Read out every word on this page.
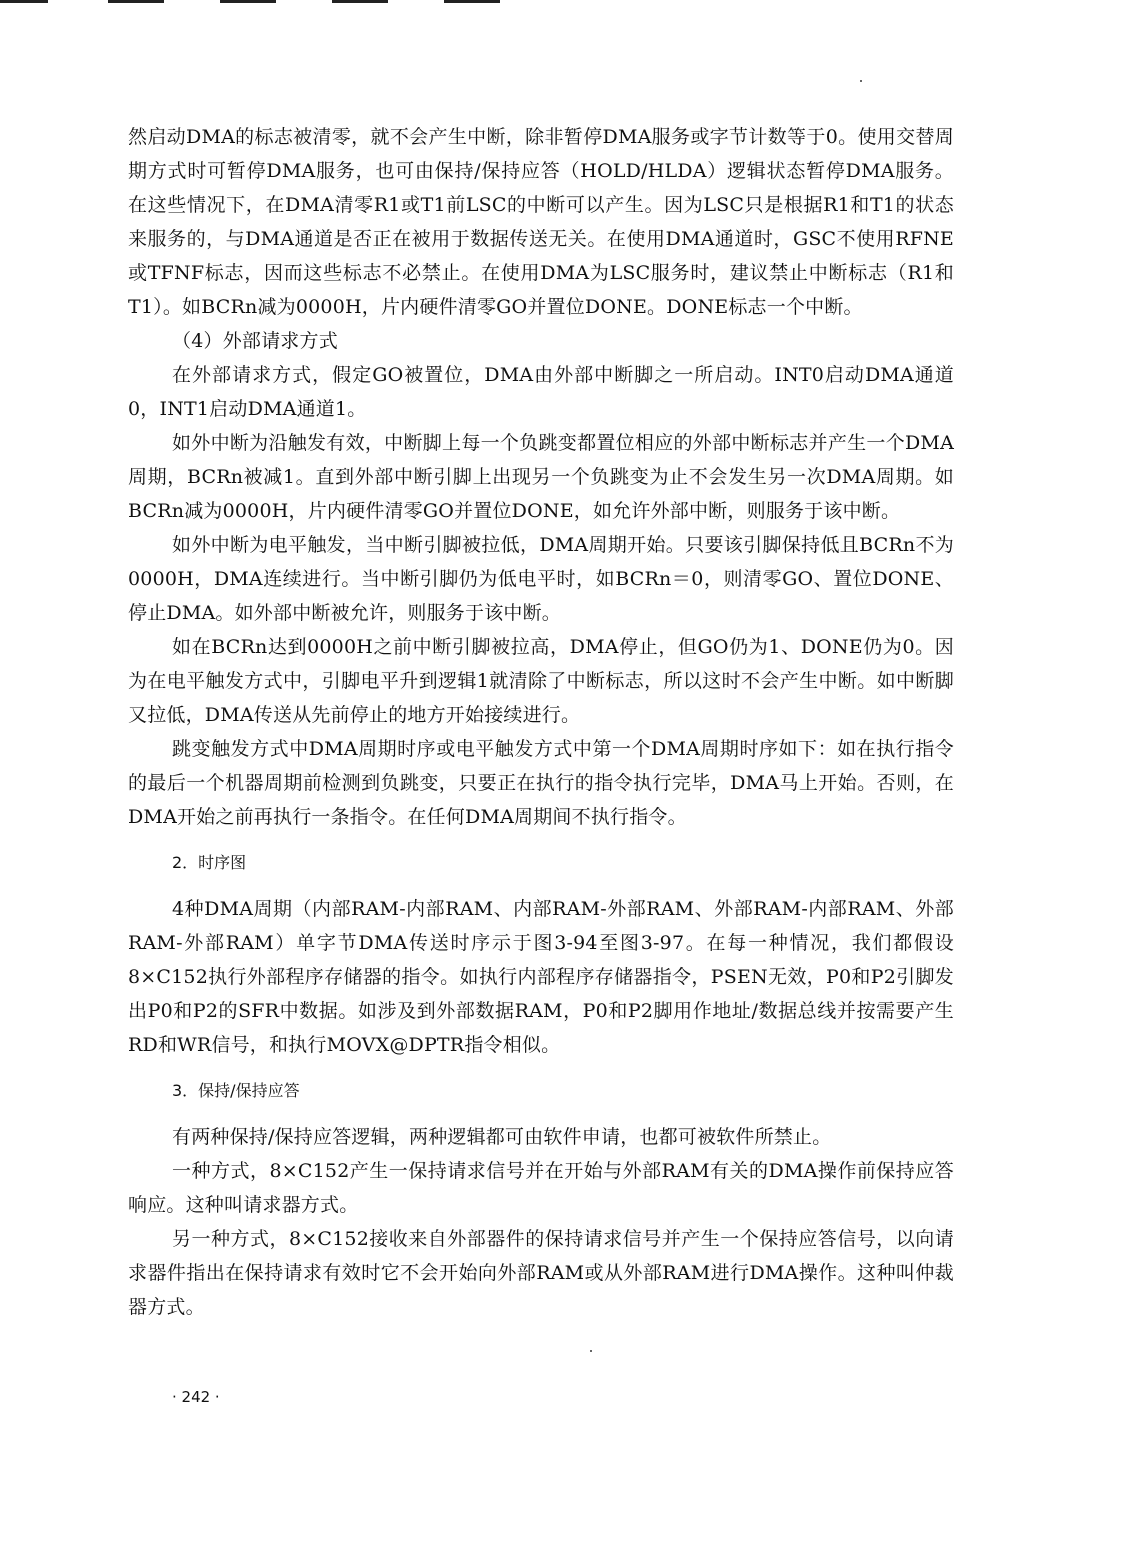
然启动DMA的标志被清零，就不会产生中断，除非暂停DMA服务或字节计数等于0。使用交替周期方式时可暂停DMA服务，也可由保持/保持应答（HOLD/HLDA）逻辑状态暂停DMA服务。在这些情况下，在DMA清零R1或T1前LSC的中断可以产生。因为LSC只是根据R1和T1的状态来服务的，与DMA通道是否正在被用于数据传送无关。在使用DMA通道时，GSC不使用RFNE或TFNF标志，因而这些标志不必禁止。在使用DMA为LSC服务时，建议禁止中断标志（R1和T1）。如BCRn减为0000H，片内硬件清零GO并置位DONE。DONE标志一个中断。

（4）外部请求方式

在外部请求方式，假定GO被置位，DMA由外部中断脚之一所启动。INT0启动DMA通道0，INT1启动DMA通道1。

如外中断为沿触发有效，中断脚上每一个负跳变都置位相应的外部中断标志并产生一个DMA周期，BCRn被减1。直到外部中断引脚上出现另一个负跳变为止不会发生另一次DMA周期。如BCRn减为0000H，片内硬件清零GO并置位DONE，如允许外部中断，则服务于该中断。

如外中断为电平触发，当中断引脚被拉低，DMA周期开始。只要该引脚保持低且BCRn不为0000H，DMA连续进行。当中断引脚仍为低电平时，如BCRn＝0，则清零GO、置位DONE、停止DMA。如外部中断被允许，则服务于该中断。

如在BCRn达到0000H之前中断引脚被拉高，DMA停止，但GO仍为1、DONE仍为0。因为在电平触发方式中，引脚电平升到逻辑1就清除了中断标志，所以这时不会产生中断。如中断脚又拉低，DMA传送从先前停止的地方开始接续进行。

跳变触发方式中DMA周期时序或电平触发方式中第一个DMA周期时序如下：如在执行指令的最后一个机器周期前检测到负跳变，只要正在执行的指令执行完毕，DMA马上开始。否则，在DMA开始之前再执行一条指令。在任何DMA周期间不执行指令。

2．时序图

4种DMA周期（内部RAM-内部RAM、内部RAM-外部RAM、外部RAM-内部RAM、外部RAM-外部RAM）单字节DMA传送时序示于图3-94至图3-97。在每一种情况，我们都假设8×C152执行外部程序存储器的指令。如执行内部程序存储器指令，PSEN无效，P0和P2引脚发出P0和P2的SFR中数据。如涉及到外部数据RAM，P0和P2脚用作地址/数据总线并按需要产生RD和WR信号，和执行MOVX@DPTR指令相似。

3．保持/保持应答

有两种保持/保持应答逻辑，两种逻辑都可由软件申请，也都可被软件所禁止。

一种方式，8×C152产生一保持请求信号并在开始与外部RAM有关的DMA操作前保持应答响应。这种叫请求器方式。

另一种方式，8×C152接收来自外部器件的保持请求信号并产生一个保持应答信号，以向请求器件指出在保持请求有效时它不会开始向外部RAM或从外部RAM进行DMA操作。这种叫仲裁器方式。

· 242 ·
